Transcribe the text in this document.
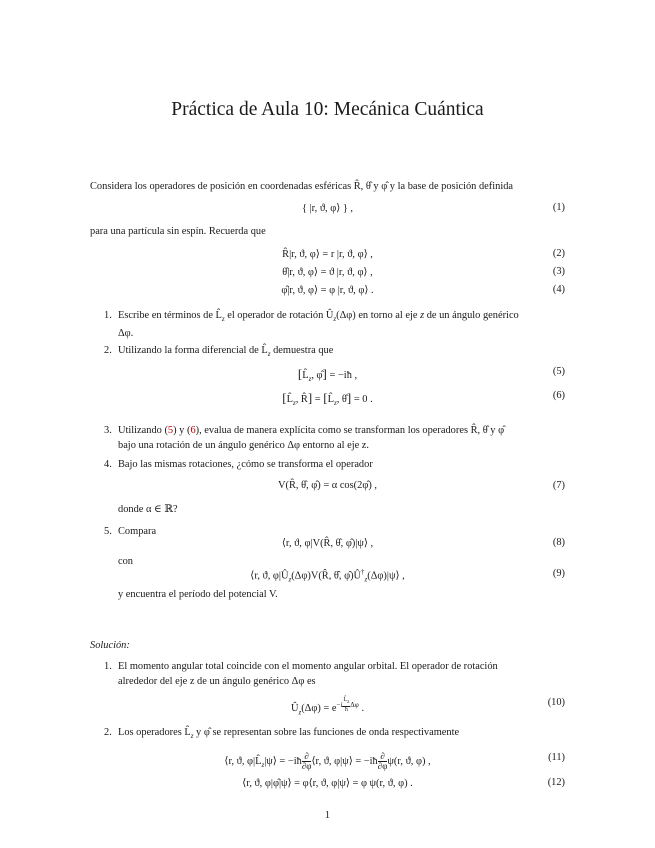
Práctica de Aula 10: Mecánica Cuántica
Considera los operadores de posición en coordenadas esféricas R̂, θ̂ y φ̂ y la base de posición definida
{ |r, ϑ, φ⟩ } ,	(1)
para una partícula sin espín. Recuerda que
R̂|r, ϑ, φ⟩ = r |r, ϑ, φ⟩ ,	(2)
θ̂|r, ϑ, φ⟩ = ϑ |r, ϑ, φ⟩ ,	(3)
φ̂|r, ϑ, φ⟩ = φ |r, ϑ, φ⟩ .	(4)
1. Escribe en términos de $L̂_z$ el operador de rotación $Û_z(\Delta\varphi)$ en torno al eje z de un ángulo genérico
Δφ.
2. Utilizando la forma diferencial de $L̂_z$ demuestra que
[$L̂_z$, φ̂] = −iħ ,	(5)
[$L̂_z$, R̂] = [$L̂_z$, θ̂] = 0 .	(6)
3. Utilizando (5) y (6), evalua de manera explícita como se transforman los operadores R̂, θ̂ y φ̂
bajo una rotación de un ángulo genérico Δφ entorno al eje z.
4. Bajo las mismas rotaciones, ¿cómo se transforma el operador
V(R̂, θ̂, φ̂) = α cos(2φ̂) ,	(7)
donde α ∈ ℝ?
5. Compara
⟨r, ϑ, φ|V(R̂, θ̂, φ̂)|ψ⟩ ,	(8)
con
⟨r, ϑ, $\varphi|Û_z(\Delta\varphi)V(R̂$, θ̂, $\varphî)Û^\dagger_z(\Delta\varphi)|\psi⟩$ ,	(9)
y encuentra el período del potencial V.
Solución:
1. El momento angular total coincide con el momento angular orbital. El operador de rotación
alrededor del eje z de un ángulo genérico Δφ es
$Û_z(\Delta\varphi) = e^{-i \frac{L̂_z}{ħ} \Delta\varphi}$ .
(10)
2. Los operadores $L̂_z$ y φ̂ se representan sobre las funciones de onda respectivamente
⟨r, ϑ, $\varphi|L̂_z|\psi⟩$ = −iħ $\frac{\partial}{\partial\varphi}$ ⟨r, ϑ, φ|ψ⟩ = −iħ $\frac{\partial}{\partial\varphi} \psi(r$, ϑ, φ) ,	(11)
⟨r, ϑ, φ|φ̂|ψ⟩ = φ⟨r, ϑ, φ|ψ⟩ = φ ψ(r, ϑ, φ) .	(12)
1
